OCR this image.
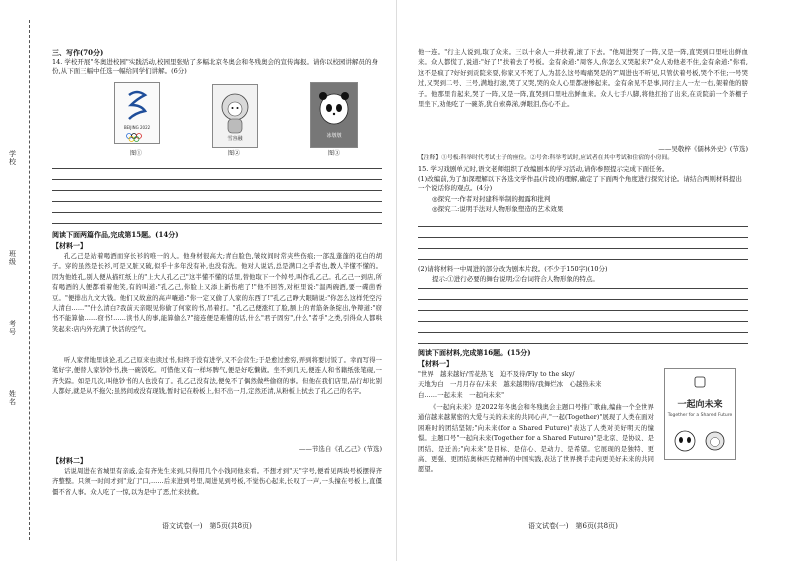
学校
班级
考号
姓名
三、写作(70分)
14. 学校开展"冬奥进校园"实践活动,校园里张贴了多幅北京冬奥会和冬残奥会的宣传海报。请你以校园讲解员的身份,从下面三幅中任选一幅给同学们讲解。(6分)
BEIJING 2022
雪容融	冰墩墩
图①	图②	图③
阅读下面两篇作品,完成第15题。(14分)
【材料一】
孔乙己是站着喝酒而穿长衫的唯一的人。他身材很高大;青白脸色,皱纹间时常夹些伤痕;一部乱蓬蓬的花白的胡子。穿的虽然是长衫,可是又脏又破,似乎十多年没有补,也没有洗。他对人说话,总是满口之乎者也,教人半懂不懂的。因为他姓孔,别人便从描红纸上的"上大人孔乙己"这半懂不懂的话里,替他取下一个绰号,叫作孔乙己。孔乙己一到店,所有喝酒的人便都看着他笑,有的叫道:"孔乙己,你脸上又添上新伤疤了!"他不回答,对柜里说:"温两碗酒,要一碟茴香豆。"便排出九文大钱。他们又故意的高声嚷道:"你一定又偷了人家的东西了!"孔乙己睁大眼睛说:"你怎么这样凭空污人清白……""什么清白?我前天亲眼见你偷了何家的书,吊着打。"孔乙己便涨红了脸,额上的青筋条条绽出,争辩道:"窃书不能算偷……窃书!……读书人的事,能算偷么?"接连便是难懂的话,什么"君子固穷",什么"者乎"之类,引得众人都哄笑起来:店内外充满了快活的空气。
听人家背地里谈论,孔乙己原来也读过书,但终于没有进学,又不会营生;于是愈过愈穷,弄到将要讨饭了。幸而写得一笔好字,便替人家钞钞书,换一碗饭吃。可惜他又有一样坏脾气,便是好吃懒做。坐不到几天,便连人和书籍纸张笔砚,一齐失踪。如是几次,叫他钞书的人也没有了。孔乙己没有法,便免不了偶然做些偷窃的事。但他在我们店里,品行却比别人都好,就是从不拖欠;虽然间或没有现钱,暂时记在粉板上,但不出一月,定然还清,从粉板上拭去了孔乙己的名字。
——节选自《孔乙己》(节选)
【材料二】
话说周进在省城里有亲戚,金有齐先生来到,只得用几个小钱同他来看。不想才到"天"字号,便看见两块号板摆得齐齐整整。只须一时间才到"龙门"口,……后来进到号里,周进见到号板,不觉伤心起来,长叹了一声,一头撞在号板上,直僵僵不省人事。众人吃了一惊,以为是中了恶,忙来扶救。
语文试卷(一)　第5页(共8页)
他一连。"行主人说到,取了众来。三以十余人一并扶着,滚了下去。"他周进哭了一阵,又是一阵,直哭到口里吐出鲜血来。众人都慌了,说道:"好了!"扶着去了号板。金有余道:"周客人,你怎么又哭起来?"众人劝他老不住,金有余道:"你看,这不是疯了?好好到贡院来耍,你家又不死了人,为甚么这号啕痛哭是的?"周进也不听见,只管伏着号板,哭个不住;一号哭过,又哭到二号、三号,满地打滚,哭了又哭,哭的众人心里都凄惨起来。金有余见不是事,同行主人一左一右,架着他的膀子。他那里肯起来,哭了一阵,又是一阵,直哭到口里吐出鲜血来。众人七手八脚,将他扛抬了出来,在贡院前一个茶棚子里坐下,劝他吃了一碗茶,犹自索鼻涕,弹眼泪,伤心不止。
——吴敬梓《儒林外史》(节选)
【注释】①号板:科举时代考试士子的座位。②号舍:科举考试时,应试者在其中考试和住宿的小房间。
15. 学习戏剧单元时,语文老师组织了改编剧本的学习活动,请你参照提示完成下面任务。
(1)改编前,为了加深理解以下各选文学作品(片段)的理解,确定了下面两个角度进行探究讨论。请结合两则材料提出一个说话你的观点。(4分)
◎探究一:作者对封建科举制的揭露和批判
◎探究二:说明手法对人物形象塑造的艺术效果
(2)请将材料一中周进的部分改为剧本片段。(不少于150字)(10分)
提示:①进行必要的舞台说明;②台词符合人物形象的特点。
阅读下面材料,完成第16题。(15分)
【材料一】
"世界　越来越好/雪花热飞　迫不及待/Fly to the sky/
天地为白　一月月存在/未来　越来越期待/我舞烂冰　心越热未来
白……一起未来　一起向未来"
《一起向未来》是2022年冬奥会和冬残奥会主题口号推广歌曲,编曲一个全世界通信越来越紧密的大爱与关的未来的共同心声,"一起(Together)"展现了人类在面对困难时的团结坚韧;"向未来(for a Shared Future)"表达了人类对美好明天的憧憬。主题口号"一起向未来(Together for a Shared Future)"是北京、是协议、是团结、是迁善;"向未来"是目标、是信心、是动力、是希望。它展现的是独特、更高、更强、更团结奥林匹克精神的中国实践,表达了世界携手走向更美好未来的共同愿望。
一起向未来
Together for a Shared Future
语文试卷(一)　第6页(共8页)
